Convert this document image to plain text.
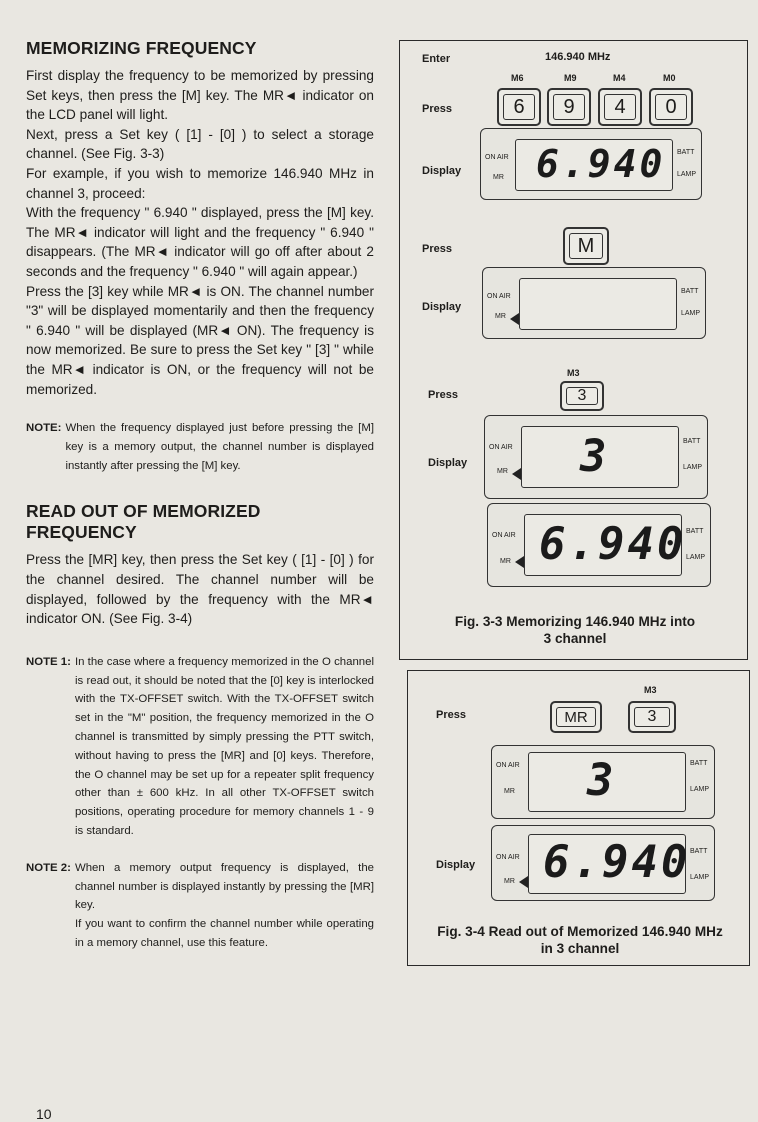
MEMORIZING FREQUENCY

First display the frequency to be memorized by pressing Set keys, then press the [M] key. The MR◄ indicator on the LCD panel will light.

Next, press a Set key ( [1] - [0] ) to select a storage channel. (See Fig. 3-3)

For example, if you wish to memorize 146.940 MHz in channel 3, proceed:

With the frequency " 6.940 " displayed, press the [M] key. The MR◄ indicator will light and the frequency " 6.940 " disappears. (The MR◄ indicator will go off after about 2 seconds and the frequency " 6.940 " will again appear.)

Press the [3] key while MR◄ is ON. The channel number "3" will be displayed momentarily and then the frequency " 6.940 " will be displayed (MR◄ ON). The frequency is now memorized. Be sure to press the Set key " [3] " while the MR◄ indicator is ON, or the frequency will not be memorized.

NOTE: When the frequency displayed just before pressing the [M] key is a memory output, the channel number is displayed instantly after pressing the [M] key.

READ OUT OF MEMORIZED FREQUENCY

Press the [MR] key, then press the Set key ( [1] - [0] ) for the channel desired. The channel number will be displayed, followed by the frequency with the MR◄ indicator ON. (See Fig. 3-4)

NOTE 1: In the case where a frequency memorized in the O channel is read out, it should be noted that the [0] key is interlocked with the TX-OFFSET switch. With the TX-OFFSET switch set in the "M" position, the frequency memorized in the O channel is transmitted by simply pressing the PTT switch, without having to press the [MR] and [0] keys. Therefore, the O channel may be set up for a repeater split frequency other than ± 600 kHz. In all other TX-OFFSET switch positions, operating procedure for memory channels 1 - 9 is standard.

NOTE 2: When a memory output frequency is displayed, the channel number is displayed instantly by pressing the [MR] key.

If you want to confirm the channel number while operating in a memory channel, use this feature.

10
Enter	146.940 MHz
M6	M9	M4	M0
Press	6	9	4	0
Display
ON AIR
MR
BATT
LAMP
6.940
Press	M
Display
ON AIR
MR
BATT
LAMP
M3
Press	3
Display
ON AIR
MR
BATT
LAMP
3
ON AIR
MR
BATT
LAMP
6.940
Fig. 3-3 Memorizing 146.940 MHz into
3 channel
M3
Press	MR	3
ON AIR
MR
BATT
LAMP
3
Display
ON AIR
MR
BATT
LAMP
6.940
Fig. 3-4 Read out of Memorized 146.940 MHz
in 3 channel
